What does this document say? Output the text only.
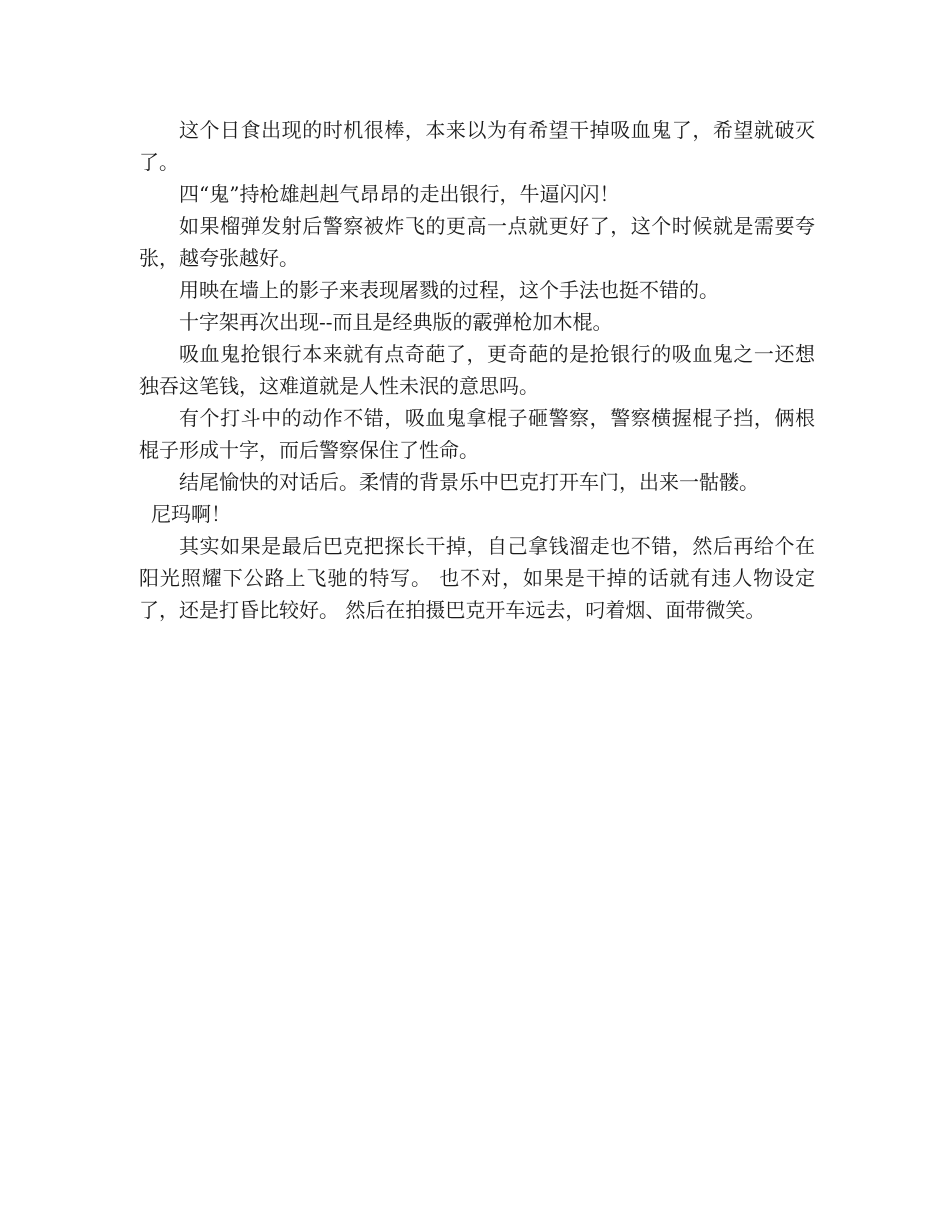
这个日食出现的时机很棒，本来以为有希望干掉吸血鬼了，希望就破灭了。

四“鬼”持枪雄赳赳气昂昂的走出银行，牛逼闪闪！

如果榴弹发射后警察被炸飞的更高一点就更好了，这个时候就是需要夸张，越夸张越好。

用映在墙上的影子来表现屠戮的过程，这个手法也挺不错的。

十字架再次出现--而且是经典版的霰弹枪加木棍。

吸血鬼抢银行本来就有点奇葩了，更奇葩的是抢银行的吸血鬼之一还想独吞这笔钱，这难道就是人性未泯的意思吗。

有个打斗中的动作不错，吸血鬼拿棍子砸警察，警察横握棍子挡，俩根棍子形成十字，而后警察保住了性命。

结尾愉快的对话后。柔情的背景乐中巴克打开车门，出来一骷髅。

尼玛啊！

其实如果是最后巴克把探长干掉，自己拿钱溜走也不错，然后再给个在阳光照耀下公路上飞驰的特写。 也不对，如果是干掉的话就有违人物设定了，还是打昏比较好。 然后在拍摄巴克开车远去，叼着烟、面带微笑。
